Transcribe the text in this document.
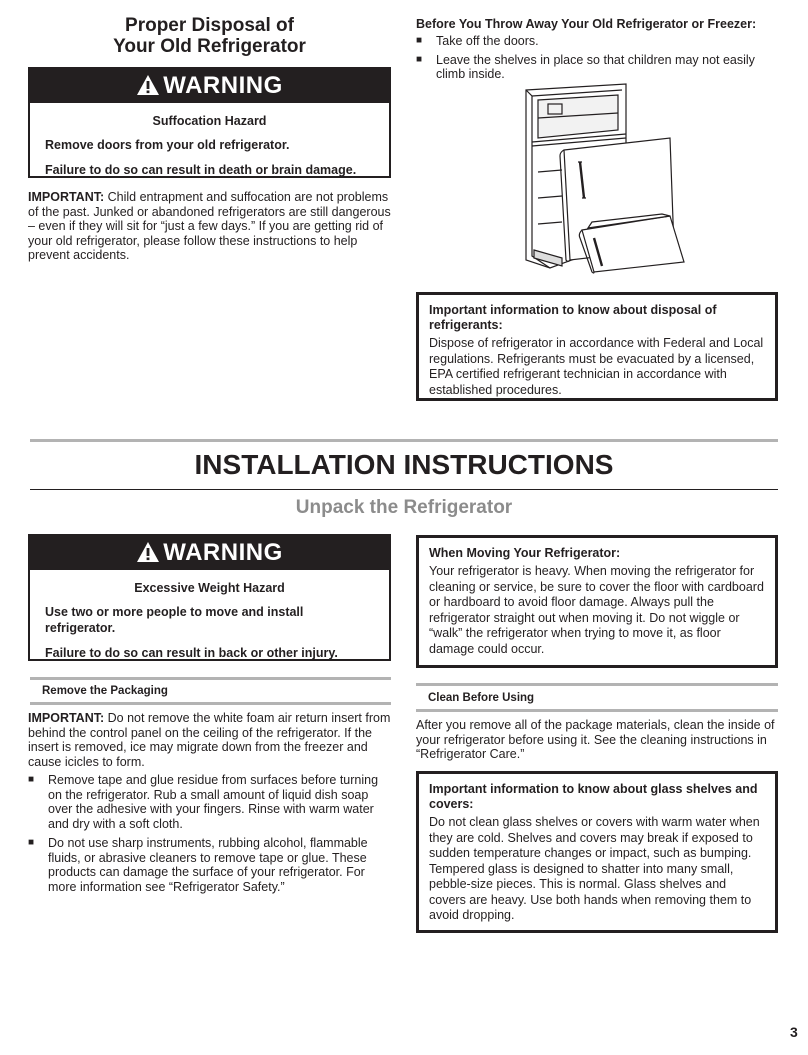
Proper Disposal of
Your Old Refrigerator
WARNING
Suffocation Hazard

Remove doors from your old refrigerator.

Failure to do so can result in death or brain damage.

IMPORTANT: Child entrapment and suffocation are not problems of the past. Junked or abandoned refrigerators are still dangerous – even if they will sit for “just a few days.” If you are getting rid of your old refrigerator, please follow these instructions to help prevent accidents.

Before You Throw Away Your Old Refrigerator or Freezer:
■	Take off the doors.
■	Leave the shelves in place so that children may not easily climb inside.
Important information to know about disposal of refrigerants:
Dispose of refrigerator in accordance with Federal and Local regulations. Refrigerants must be evacuated by a licensed, EPA certified refrigerant technician in accordance with established procedures.
INSTALLATION INSTRUCTIONS
Unpack the Refrigerator
WARNING
Excessive Weight Hazard

Use two or more people to move and install refrigerator.

Failure to do so can result in back or other injury.

When Moving Your Refrigerator:
Your refrigerator is heavy. When moving the refrigerator for cleaning or service, be sure to cover the floor with cardboard or hardboard to avoid floor damage. Always pull the refrigerator straight out when moving it. Do not wiggle or “walk” the refrigerator when trying to move it, as floor damage could occur.
Remove the Packaging

IMPORTANT: Do not remove the white foam air return insert from behind the control panel on the ceiling of the refrigerator. If the insert is removed, ice may migrate down from the freezer and cause icicles to form.

■	Remove tape and glue residue from surfaces before turning on the refrigerator. Rub a small amount of liquid dish soap over the adhesive with your fingers. Rinse with warm water and dry with a soft cloth.
■	Do not use sharp instruments, rubbing alcohol, flammable fluids, or abrasive cleaners to remove tape or glue. These products can damage the surface of your refrigerator. For more information see “Refrigerator Safety.”
Clean Before Using

After you remove all of the package materials, clean the inside of your refrigerator before using it. See the cleaning instructions in “Refrigerator Care.”

Important information to know about glass shelves and covers:
Do not clean glass shelves or covers with warm water when they are cold. Shelves and covers may break if exposed to sudden temperature changes or impact, such as bumping. Tempered glass is designed to shatter into many small, pebble-size pieces. This is normal. Glass shelves and covers are heavy. Use both hands when removing them to avoid dropping.
3
